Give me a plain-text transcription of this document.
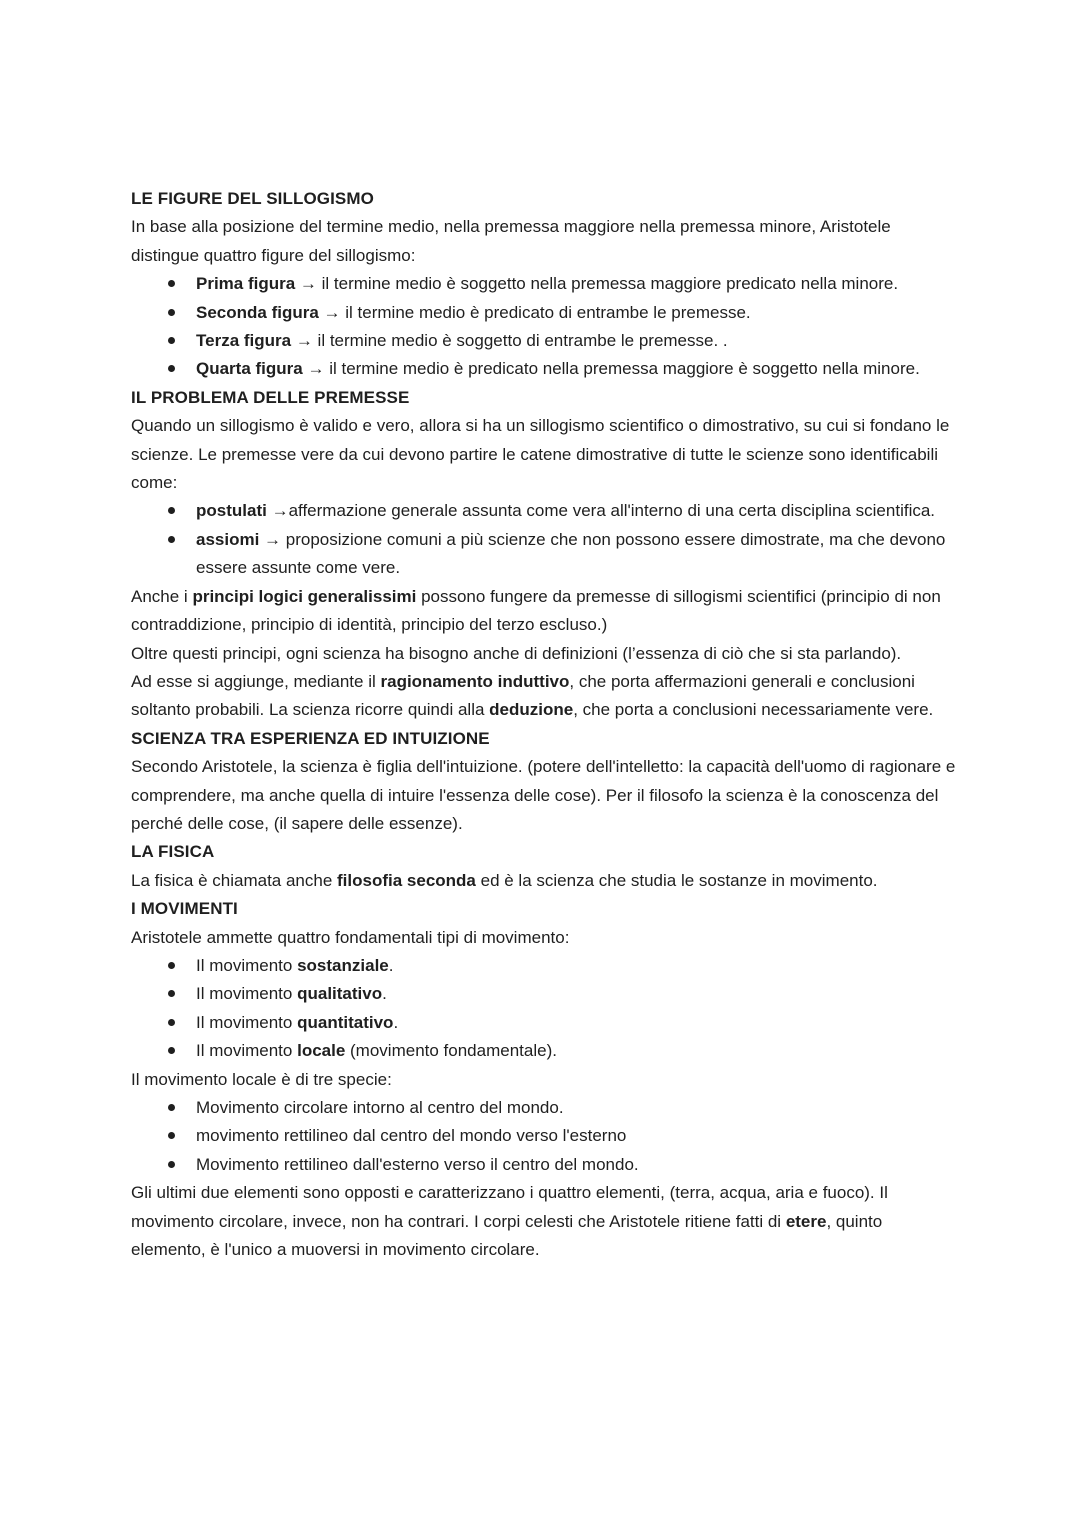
LE FIGURE DEL SILLOGISMO

In base alla posizione del termine medio, nella premessa maggiore nella premessa minore, Aristotele distingue quattro figure del sillogismo:

Prima figura → il termine medio è soggetto nella premessa maggiore predicato nella minore.
Seconda figura → il termine medio è predicato di entrambe le premesse.
Terza figura → il termine medio è soggetto di entrambe le premesse. .
Quarta figura → il termine medio è predicato nella premessa maggiore è soggetto nella minore.

IL PROBLEMA DELLE PREMESSE

Quando un sillogismo è valido e vero, allora si ha un sillogismo scientifico o dimostrativo, su cui si fondano le scienze. Le premesse vere da cui devono partire le catene dimostrative di tutte le scienze sono identificabili come:

postulati →affermazione generale assunta come vera all'interno di una certa disciplina scientifica.
assiomi → proposizione comuni a più scienze che non possono essere dimostrate, ma che devono essere assunte come vere.

Anche i principi logici generalissimi possono fungere da premesse di sillogismi scientifici (principio di non contraddizione, principio di identità, principio del terzo escluso.)

Oltre questi principi, ogni scienza ha bisogno anche di definizioni (l’essenza di ciò che si sta parlando).

Ad esse si aggiunge, mediante il ragionamento induttivo, che porta affermazioni generali e conclusioni soltanto probabili. La scienza ricorre quindi alla deduzione, che porta a conclusioni necessariamente vere.

SCIENZA TRA ESPERIENZA ED INTUIZIONE

Secondo Aristotele, la scienza è figlia dell'intuizione. (potere dell'intelletto: la capacità dell'uomo di ragionare e comprendere, ma anche quella di intuire l'essenza delle cose). Per il filosofo la scienza è la conoscenza del perché delle cose, (il sapere delle essenze).

LA FISICA

La fisica è chiamata anche filosofia seconda ed è la scienza che studia le sostanze in movimento.

I MOVIMENTI

Aristotele ammette quattro fondamentali tipi di movimento:

Il movimento sostanziale.
Il movimento qualitativo.
Il movimento quantitativo.
Il movimento locale (movimento fondamentale).

Il movimento locale è di tre specie:

Movimento circolare intorno al centro del mondo.
movimento rettilineo dal centro del mondo verso l'esterno
Movimento rettilineo dall'esterno verso il centro del mondo.

Gli ultimi due elementi sono opposti e caratterizzano i quattro elementi, (terra, acqua, aria e fuoco). Il movimento circolare, invece, non ha contrari. I corpi celesti che Aristotele ritiene fatti di etere, quinto elemento, è l'unico a muoversi in movimento circolare.
